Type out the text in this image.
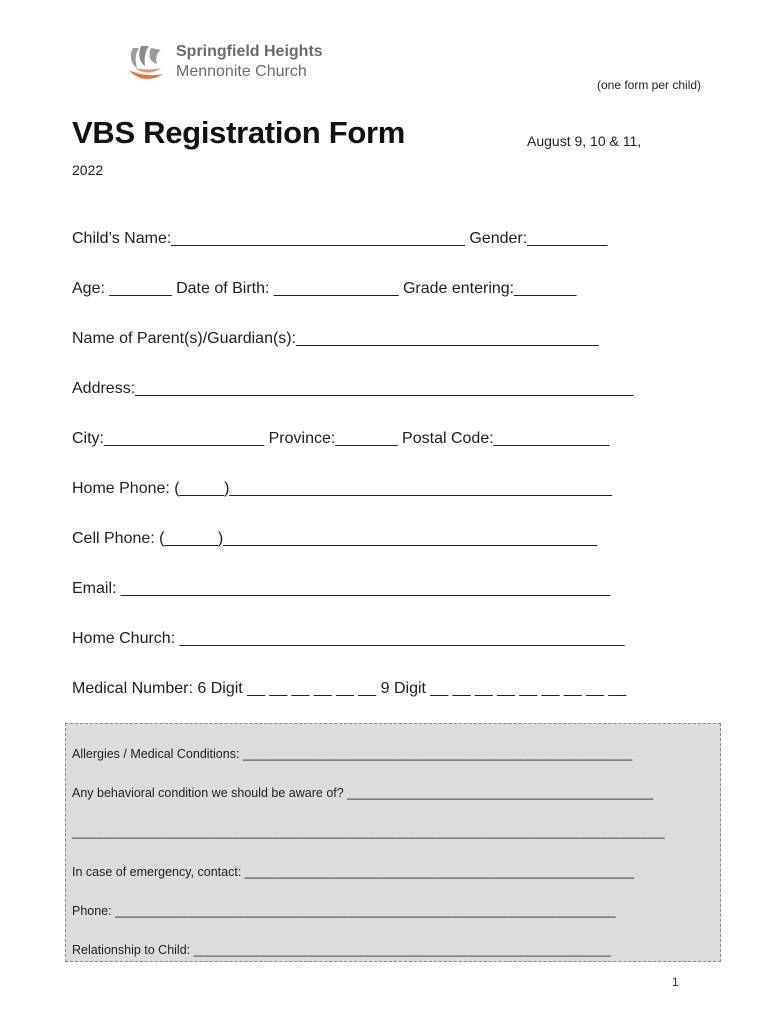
Springfield Heights
Mennonite Church
(one form per child)
VBS Registration Form	August 9, 10 & 11,
2022
Child’s Name:_________________________________ Gender:_________
Age: _______ Date of Birth: ______________ Grade entering:_______
Name of Parent(s)/Guardian(s):__________________________________
Address:________________________________________________________
City:__________________ Province:_______ Postal Code:_____________
Home Phone: (_____)___________________________________________
Cell Phone: (______)__________________________________________
Email: _______________________________________________________
Home Church: __________________________________________________
Medical Number: 6 Digit __ __ __ __ __ __ 9 Digit __ __ __ __ __ __ __ __ __
Allergies / Medical Conditions: ________________________________________________________
Any behavioral condition we should be aware of? ____________________________________________
_______________________________________________________________________________________
In case of emergency, contact: ________________________________________________________
Phone: ________________________________________________________________________
Relationship to Child: ____________________________________________________________
1
